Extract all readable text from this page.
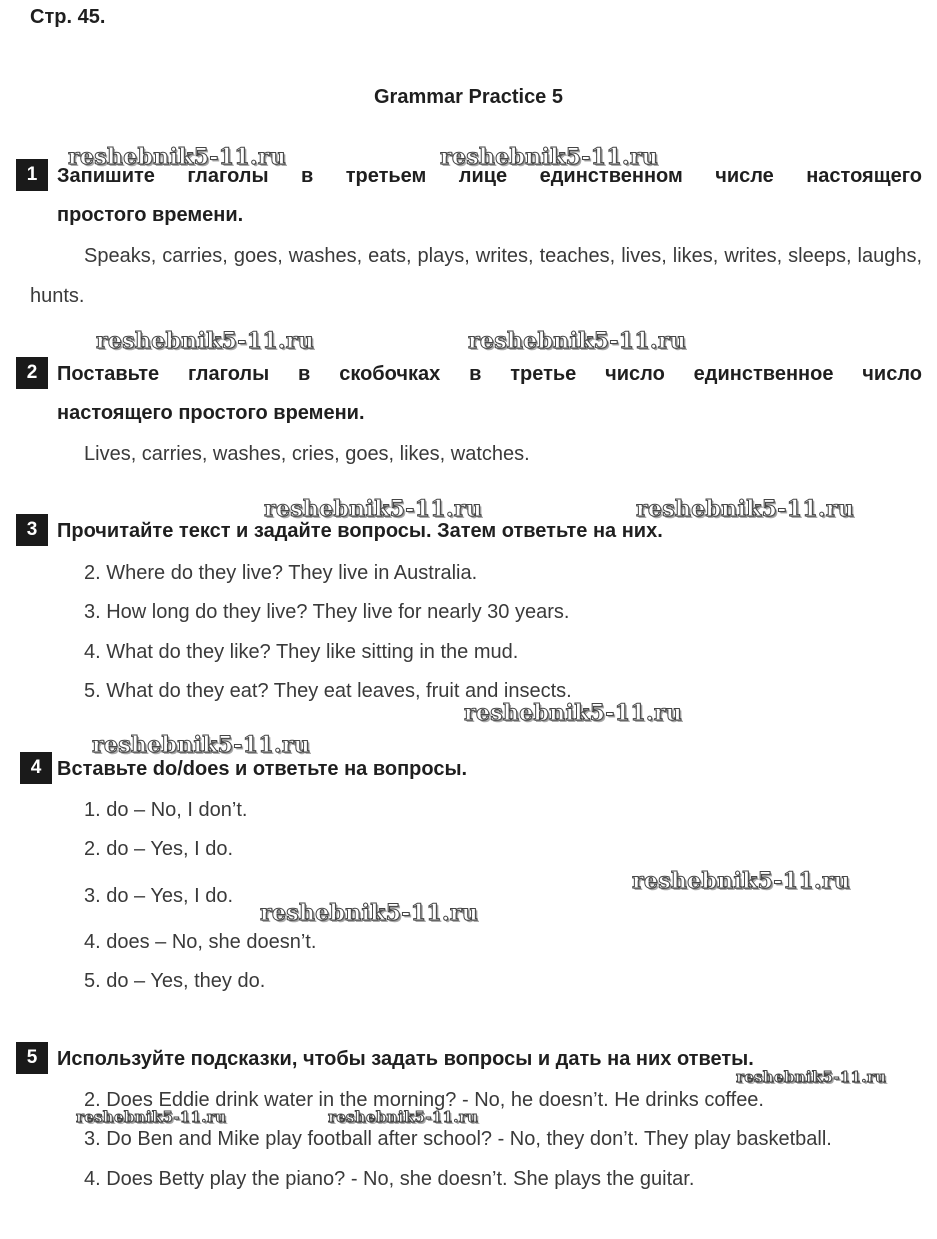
Стр. 45.
Grammar Practice 5
reshebnik5-11.ru	reshebnik5-11.ru
reshebnik5-11.ru	reshebnik5-11.ru
reshebnik5-11.ru	reshebnik5-11.ru
reshebnik5-11.ru
reshebnik5-11.ru
reshebnik5-11.ru
reshebnik5-11.ru
reshebnik5-11.ru
reshebnik5-11.ru	reshebnik5-11.ru
1 Запишите глаголы в третьем лице единственном числе настоящего
простого времени.
Speaks, carries, goes, washes, eats, plays, writes, teaches, lives, likes, writes, sleeps, laughs, hunts.
2 Поставьте глаголы в скобочках в третье число единственное число
настоящего простого времени.
Lives, carries, washes, cries, goes, likes, watches.
3 Прочитайте текст и задайте вопросы. Затем ответьте на них.
2. Where do they live? They live in Australia.
3. How long do they live? They live for nearly 30 years.
4. What do they like? They like sitting in the mud.
5. What do they eat? They eat leaves, fruit and insects.
4 Вставьте do/does и ответьте на вопросы.
1. do – No, I don’t.
2. do – Yes, I do.
3. do – Yes, I do.
4. does – No, she doesn’t.
5. do – Yes, they do.
5 Используйте подсказки, чтобы задать вопросы и дать на них ответы.
2. Does Eddie drink water in the morning? - No, he doesn’t. He drinks coffee.
3. Do Ben and Mike play football after school? - No, they don’t. They play basketball.
4. Does Betty play the piano? - No, she doesn’t. She plays the guitar.
